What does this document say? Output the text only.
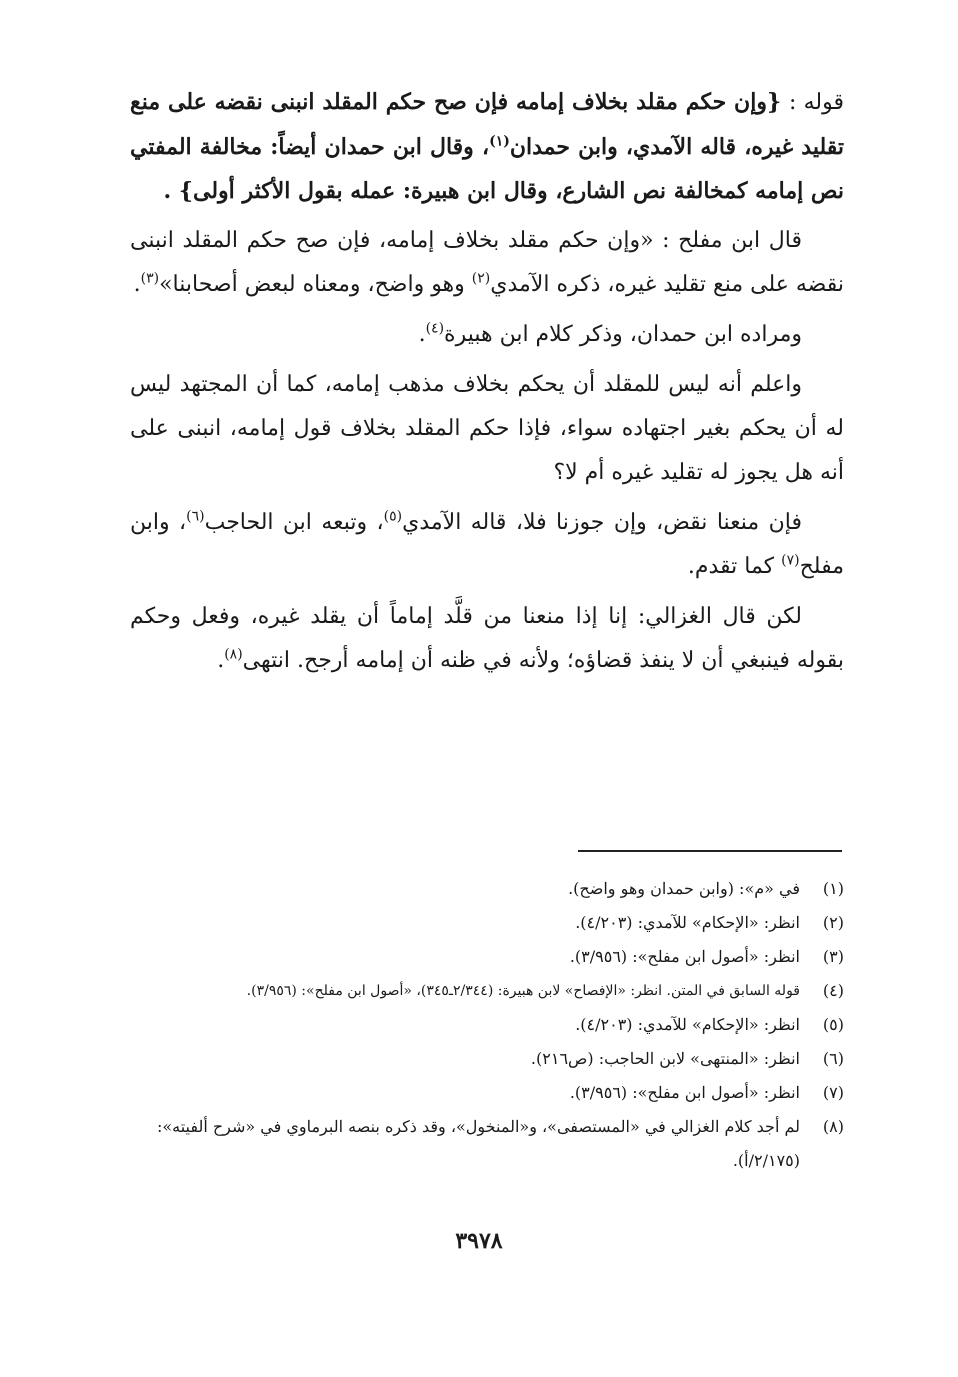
قوله : {وإن حكم مقلد بخلاف إمامه فإن صح حكم المقلد انبنى نقضه على منع تقليد غيره، قاله الآمدي، وابن حمدان$^{(١)}$، وقال ابن حمدان أيضاً: مخالفة المفتي نص إمامه كمخالفة نص الشارع، وقال ابن هبيرة: عمله بقول الأكثر أولى} .

قال ابن مفلح : «وإن حكم مقلد بخلاف إمامه، فإن صح حكم المقلد انبنى نقضه على منع تقليد غيره، ذكره الآمدي$^{(٢)}$ وهو واضح، ومعناه لبعض أصحابنا»$^{(٣)}$.

ومراده ابن حمدان، وذكر كلام ابن هبيرة$^{(٤)}$.

واعلم أنه ليس للمقلد أن يحكم بخلاف مذهب إمامه، كما أن المجتهد ليس له أن يحكم بغير اجتهاده سواء، فإذا حكم المقلد بخلاف قول إمامه، انبنى على أنه هل يجوز له تقليد غيره أم لا؟

فإن منعنا نقض، وإن جوزنا فلا، قاله الآمدي$^{(٥)}$، وتبعه ابن الحاجب$^{(٦)}$، وابن مفلح$^{(٧)}$ كما تقدم.

لكن قال الغزالي: إنا إذا منعنا من قلَّد إماماً أن يقلد غيره، وفعل وحكم بقوله فينبغي أن لا ينفذ قضاؤه؛ ولأنه في ظنه أن إمامه أرجح. انتهى$^{(٨)}$.

(١)
في «م»: (وابن حمدان وهو واضح).
(٢)
انظر: «الإحكام» للآمدي: (٤/٢٠٣).
(٣)
انظر: «أصول ابن مفلح»: (٣/٩٥٦).
(٤)
قوله السابق في المتن. انظر: «الإفصاح» لابن هبيرة: (٢/٣٤٤ـ٣٤٥)، «أصول ابن مفلح»: (٣/٩٥٦).
(٥)
انظر: «الإحكام» للآمدي: (٤/٢٠٣).
(٦)
انظر: «المنتهى» لابن الحاجب: (ص٢١٦).
(٧)
انظر: «أصول ابن مفلح»: (٣/٩٥٦).
(٨)
لم أجد كلام الغزالي في «المستصفى»، و«المنخول»، وقد ذكره بنصه البرماوي في «شرح ألفيته»: (٢/١٧٥/أ).
٣٩٧٨
